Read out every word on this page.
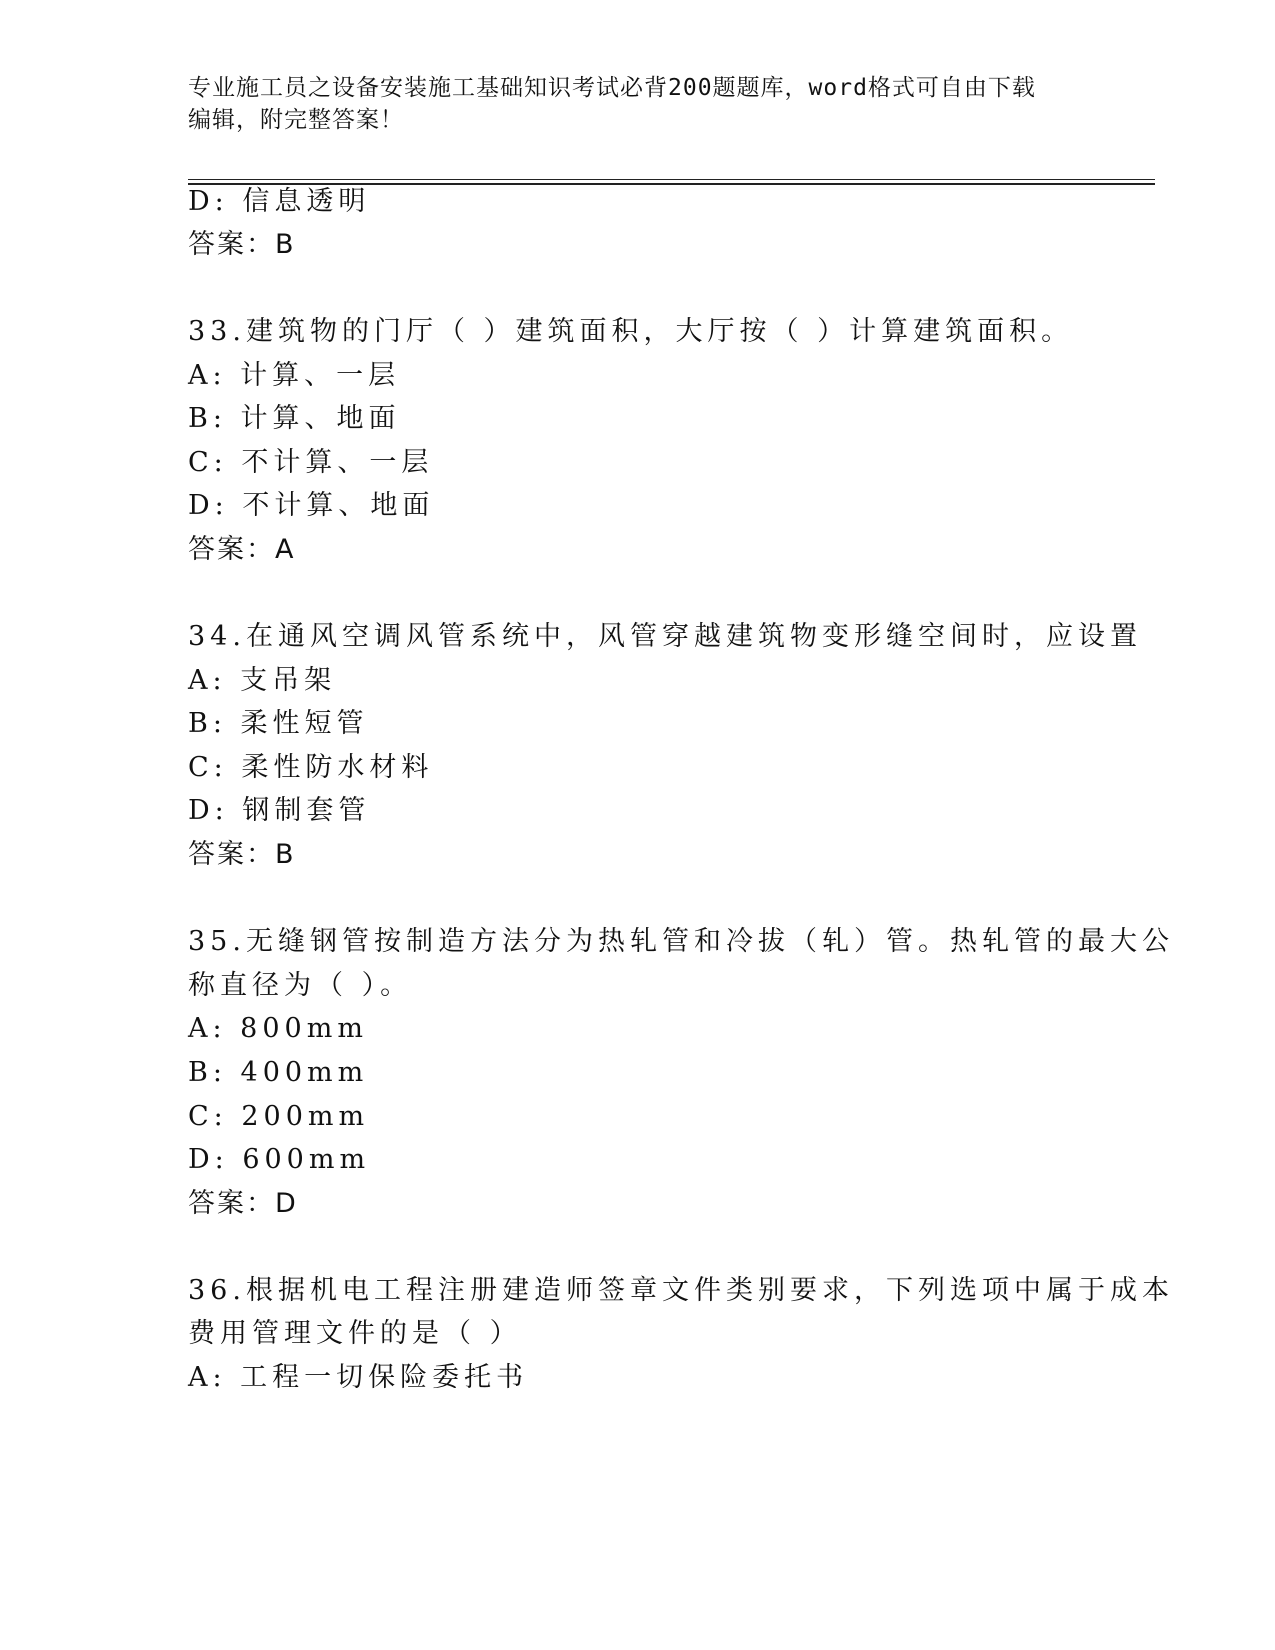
专业施工员之设备安装施工基础知识考试必背200题题库，word格式可自由下载
编辑，附完整答案！
D: 信息透明
答案：B
33.建筑物的门厅（ ）建筑面积，大厅按（ ）计算建筑面积。
A: 计算、一层
B: 计算、地面
C: 不计算、一层
D: 不计算、地面
答案：A
34.在通风空调风管系统中，风管穿越建筑物变形缝空间时，应设置
A: 支吊架
B: 柔性短管
C: 柔性防水材料
D: 钢制套管
答案：B
35.无缝钢管按制造方法分为热轧管和冷拔（轧）管。热轧管的最大公
称直径为（ ）。
A: 800mm
B: 400mm
C: 200mm
D: 600mm
答案：D
36.根据机电工程注册建造师签章文件类别要求，下列选项中属于成本
费用管理文件的是（ ）
A: 工程一切保险委托书
